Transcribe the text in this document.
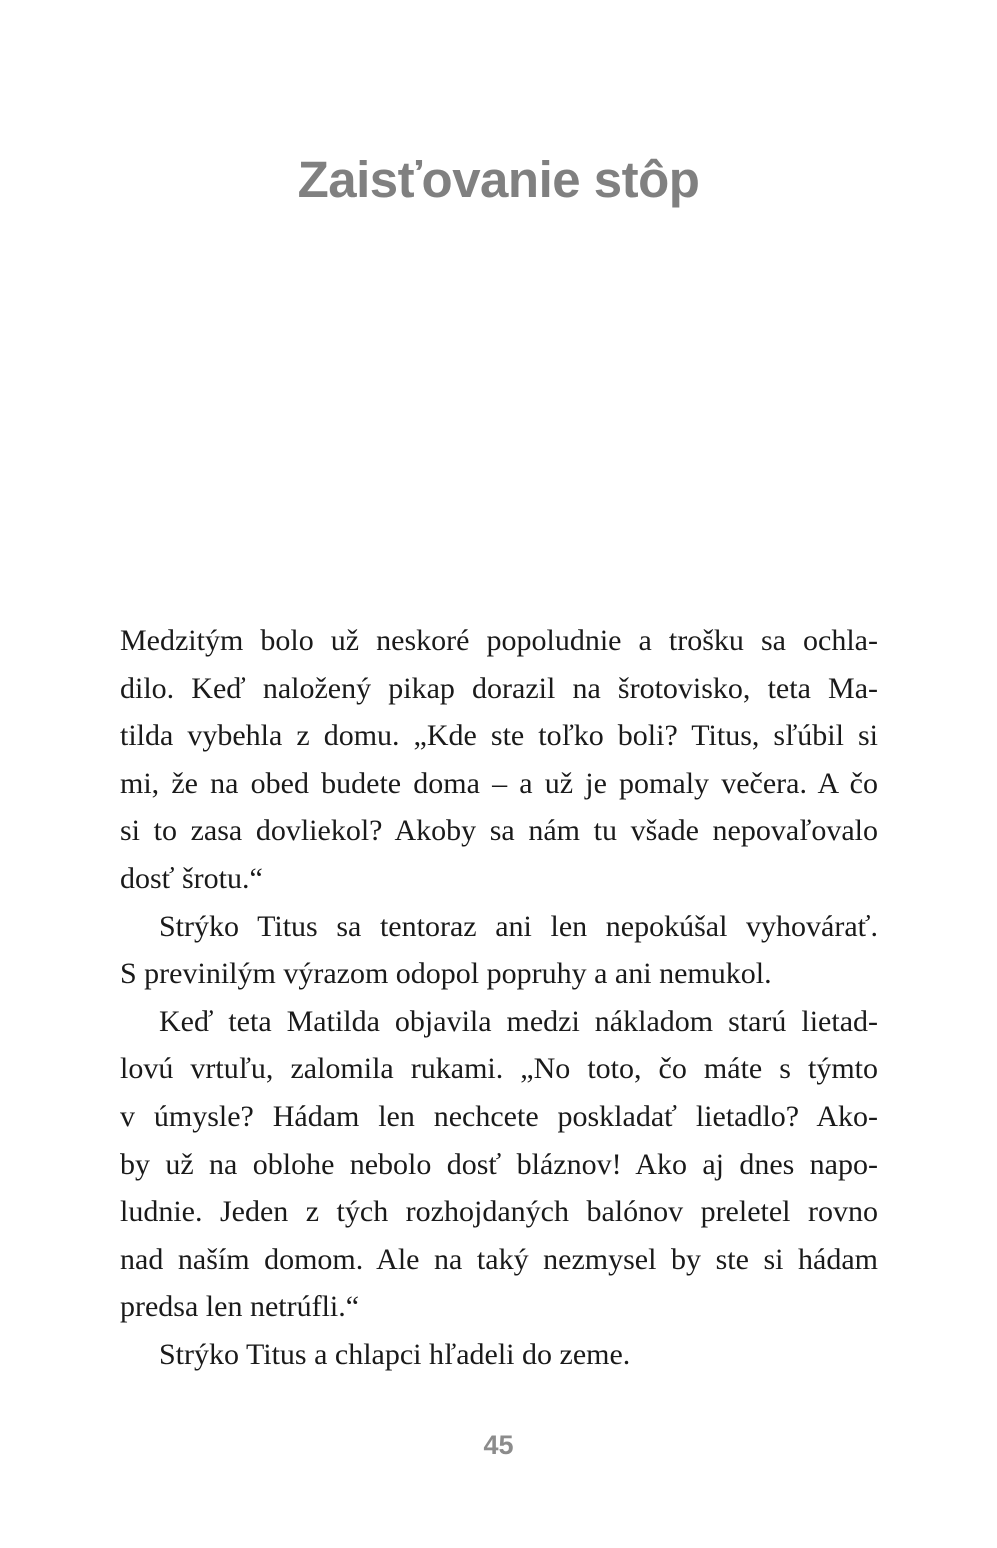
Zaisťovanie stôp
Medzitým bolo už neskoré popoludnie a trošku sa ochla-
dilo. Keď naložený pikap dorazil na šrotovisko, teta Ma-
tilda vybehla z domu. „Kde ste toľko boli? Titus, sľúbil si
mi, že na obed budete doma – a už je pomaly večera. A čo
si to zasa dovliekol? Akoby sa nám tu všade nepovaľovalo
dosť šrotu.“
Strýko Titus sa tentoraz ani len nepokúšal vyhovárať.
S previnilým výrazom odopol popruhy a ani nemukol.
Keď teta Matilda objavila medzi nákladom starú lietad-
lovú vrtuľu, zalomila rukami. „No toto, čo máte s týmto
v úmysle? Hádam len nechcete poskladať lietadlo? Ako-
by už na oblohe nebolo dosť bláznov! Ako aj dnes napo-
ludnie. Jeden z tých rozhojdaných balónov preletel rovno
nad naším domom. Ale na taký nezmysel by ste si hádam
predsa len netrúfli.“
Strýko Titus a chlapci hľadeli do zeme.
45
